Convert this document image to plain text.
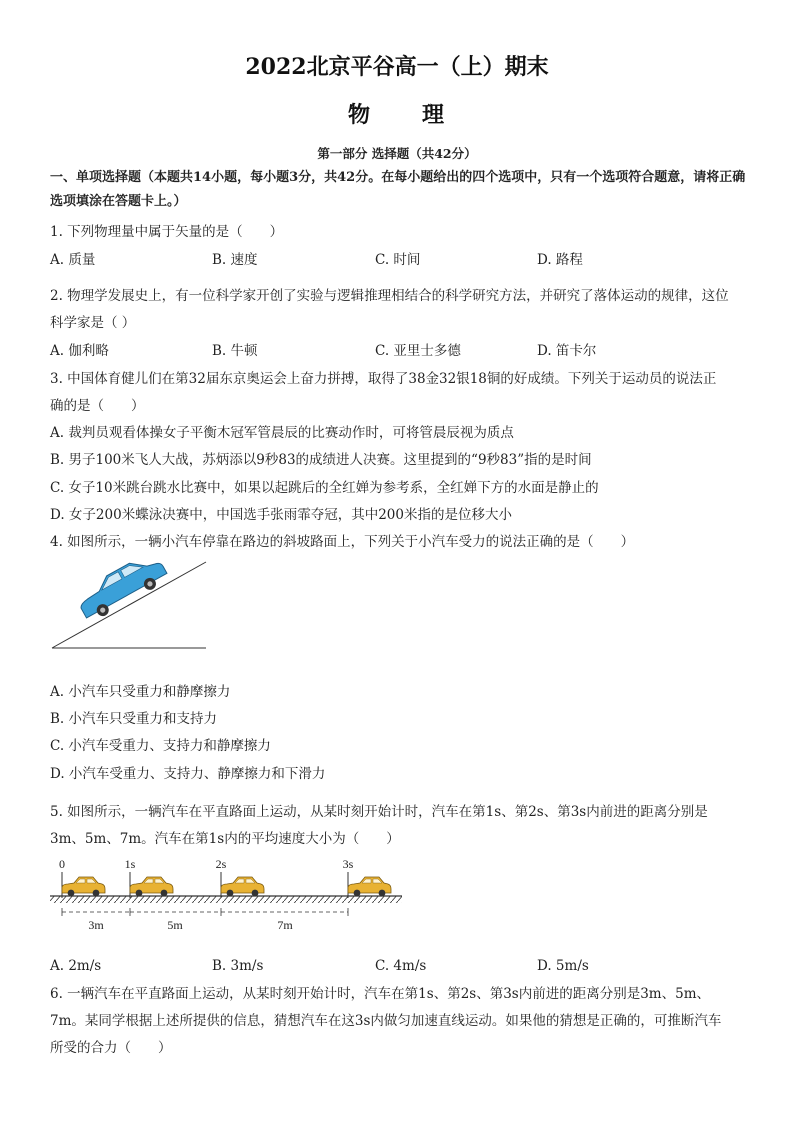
2022北京平谷高一（上）期末
物 理
第一部分 选择题（共42分）
一、单项选择题（本题共14小题，每小题3分，共42分。在每小题给出的四个选项中，只有一个选项符合题意，请将正确选项填涂在答题卡上。）
1. 下列物理量中属于矢量的是（　　）
A. 质量	B. 速度	C. 时间	D. 路程
2. 物理学发展史上，有一位科学家开创了实验与逻辑推理相结合的科学研究方法，并研究了落体运动的规律，这位
科学家是（ ）
A. 伽利略	B. 牛顿	C. 亚里士多德	D. 笛卡尔
3. 中国体育健儿们在第32届东京奥运会上奋力拼搏，取得了38金32银18铜的好成绩。下列关于运动员的说法正
确的是（　　）
A. 裁判员观看体操女子平衡木冠军管晨辰的比赛动作时，可将管晨辰视为质点
B. 男子100米飞人大战，苏炳添以9秒83的成绩进人决赛。这里提到的“9秒83”指的是时间
C. 女子10米跳台跳水比赛中，如果以起跳后的全红婵为参考系，全红婵下方的水面是静止的
D. 女子200米蝶泳决赛中，中国选手张雨霏夺冠，其中200米指的是位移大小
4. 如图所示，一辆小汽车停靠在路边的斜坡路面上，下列关于小汽车受力的说法正确的是（　　）
A. 小汽车只受重力和静摩擦力
B. 小汽车只受重力和支持力
C. 小汽车受重力、支持力和静摩擦力
D. 小汽车受重力、支持力、静摩擦力和下滑力
5. 如图所示，一辆汽车在平直路面上运动，从某时刻开始计时，汽车在第1s、第2s、第3s内前进的距离分别是
3m、5m、7m。汽车在第1s内的平均速度大小为（　　）
0	1s	2s	3s
3m	5m	7m
A. 2m/s	B. 3m/s	C. 4m/s	D. 5m/s
6. 一辆汽车在平直路面上运动，从某时刻开始计时，汽车在第1s、第2s、第3s内前进的距离分别是3m、5m、
7m。某同学根据上述所提供的信息，猜想汽车在这3s内做匀加速直线运动。如果他的猜想是正确的，可推断汽车
所受的合力（　　）
